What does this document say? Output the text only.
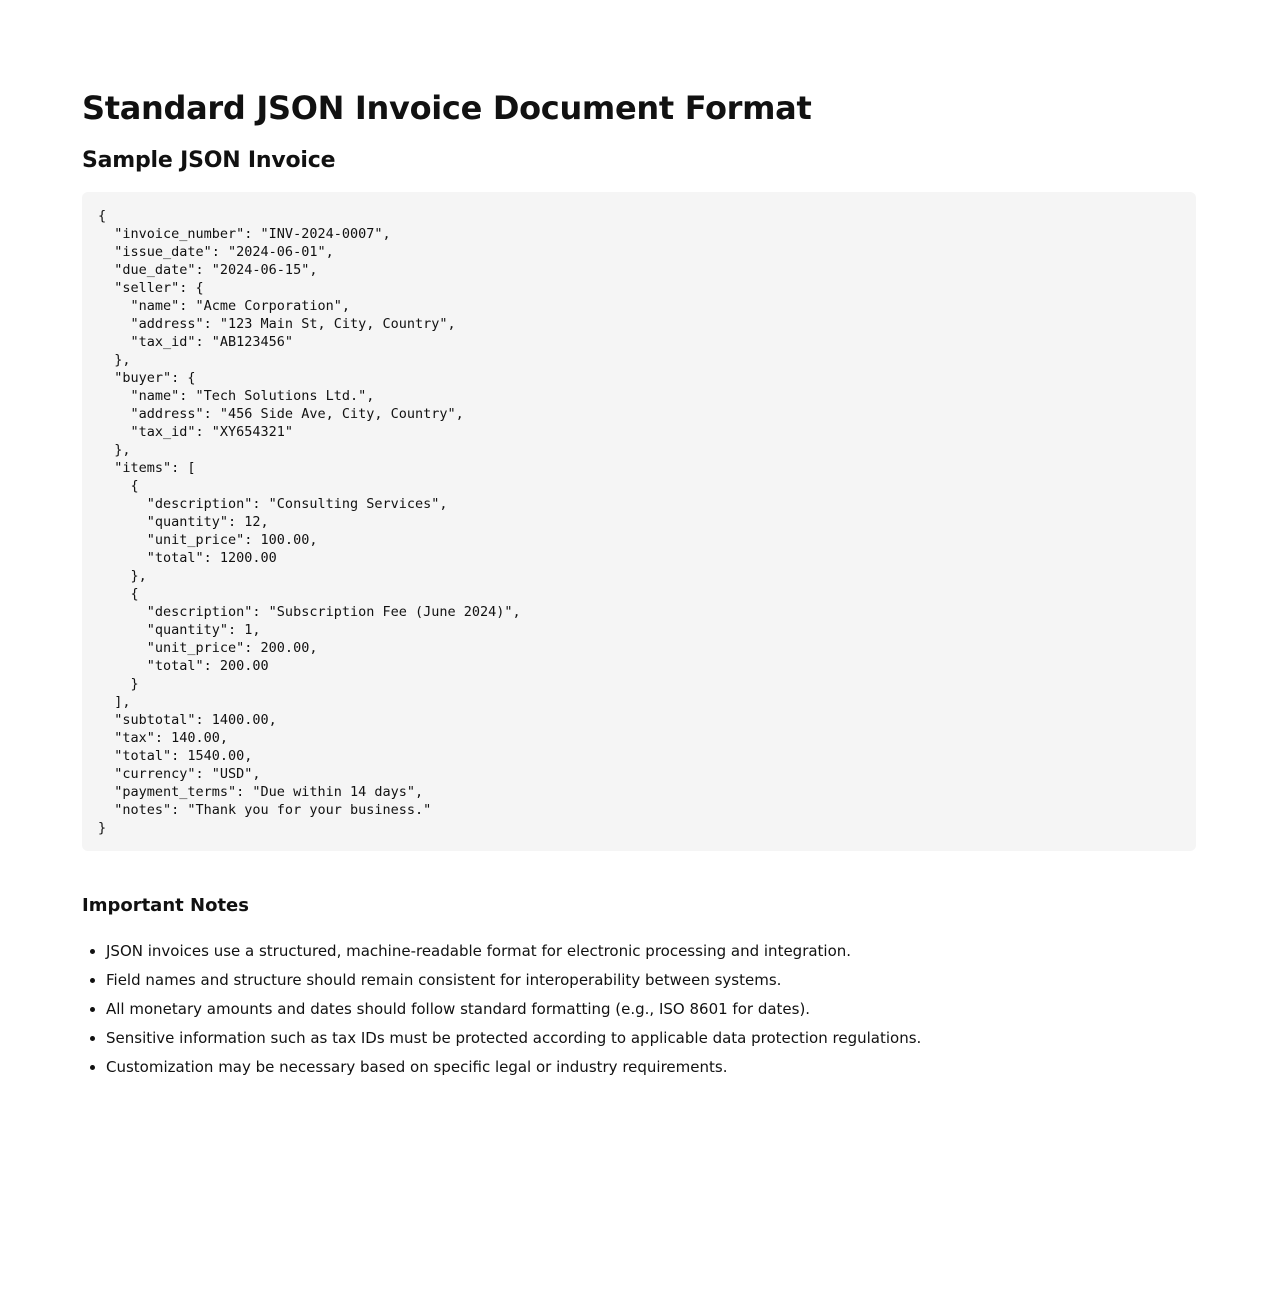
Standard JSON Invoice Document Format
Sample JSON Invoice
{
"invoice_number": "INV-2024-0007",
"issue_date": "2024-06-01",
"due_date": "2024-06-15",
"seller": {
"name": "Acme Corporation",
"address": "123 Main St, City, Country",
"tax_id": "AB123456"
},
"buyer": {
"name": "Tech Solutions Ltd.",
"address": "456 Side Ave, City, Country",
"tax_id": "XY654321"
},
"items": [
{
"description": "Consulting Services",
"quantity": 12,
"unit_price": 100.00,
"total": 1200.00
},
{
"description": "Subscription Fee (June 2024)",
"quantity": 1,
"unit_price": 200.00,
"total": 200.00
}
],
"subtotal": 1400.00,
"tax": 140.00,
"total": 1540.00,
"currency": "USD",
"payment_terms": "Due within 14 days",
"notes": "Thank you for your business."
}
Important Notes
• JSON invoices use a structured, machine-readable format for electronic processing and integration.
• Field names and structure should remain consistent for interoperability between systems.
• All monetary amounts and dates should follow standard formatting (e.g., ISO 8601 for dates).
• Sensitive information such as tax IDs must be protected according to applicable data protection regulations.
• Customization may be necessary based on specific legal or industry requirements.
